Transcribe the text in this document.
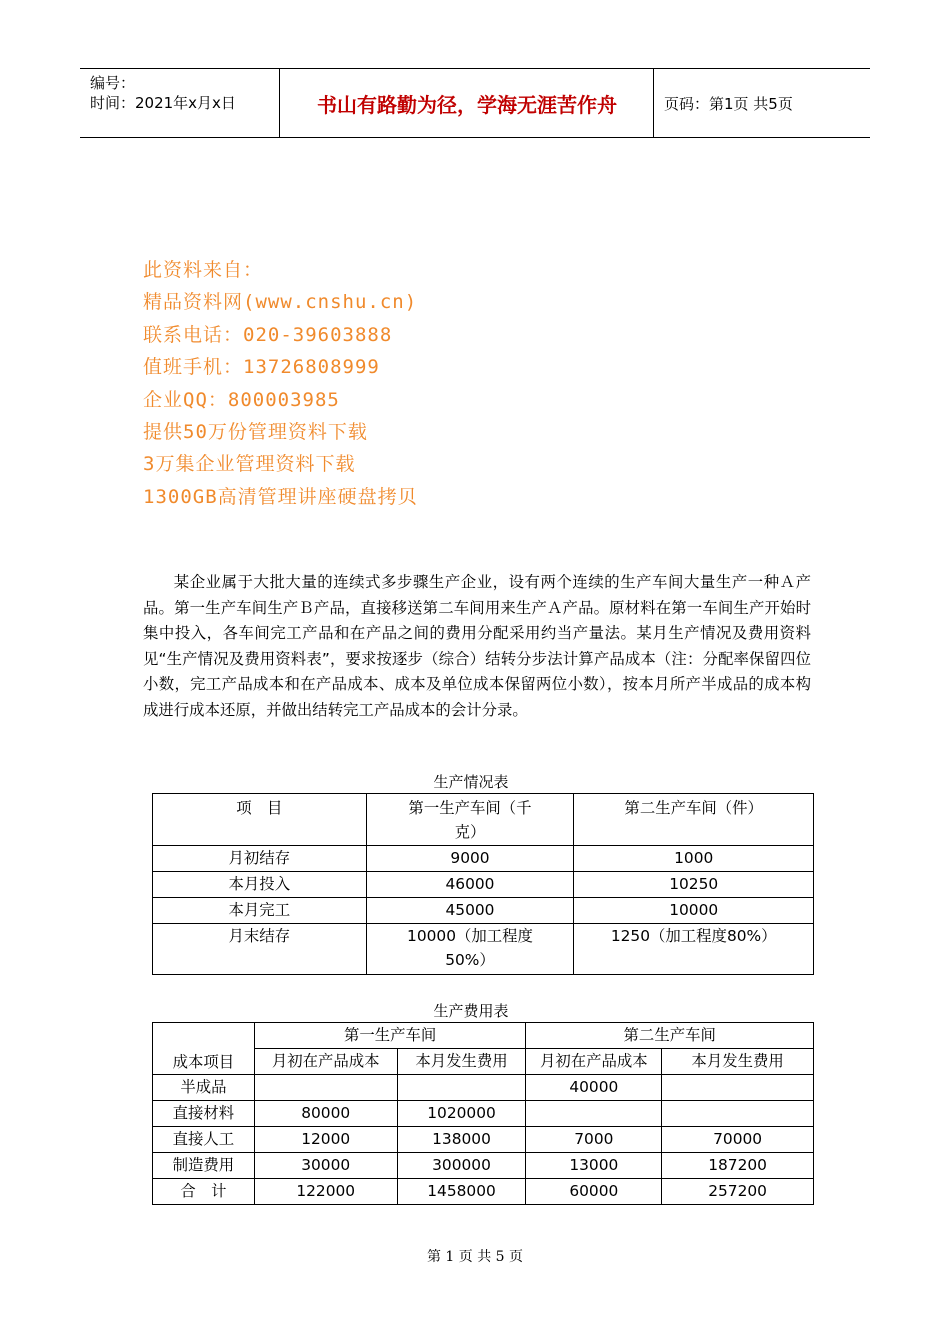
编号：
时间：2021年x月x日	书山有路勤为径，学海无涯苦作舟	页码：第1页 共5页
此资料来自：
精品资料网(www.cnshu.cn)
联系电话：020-39603888
值班手机：13726808999
企业QQ：800003985
提供50万份管理资料下载
3万集企业管理资料下载
1300GB高清管理讲座硬盘拷贝
某企业属于大批大量的连续式多步骤生产企业，设有两个连续的生产车间大量生产一种Ａ产品。第一生产车间生产Ｂ产品，直接移送第二车间用来生产Ａ产品。原材料在第一车间生产开始时集中投入，各车间完工产品和在产品之间的费用分配采用约当产量法。某月生产情况及费用资料见“生产情况及费用资料表”，要求按逐步（综合）结转分步法计算产品成本（注：分配率保留四位小数，完工产品成本和在产品成本、成本及单位成本保留两位小数），按本月所产半成品的成本构成进行成本还原，并做出结转完工产品成本的会计分录。
生产情况表
项　目	第一生产车间（千克）	第二生产车间（件）
月初结存	9000	1000
本月投入	46000	10250
本月完工	45000	10000
月末结存	10000（加工程度50%）	1250（加工程度80%）
生产费用表
成本项目	第一生产车间		第二生产车间	
	月初在产品成本	本月发生费用	月初在产品成本	本月发生费用
半成品			40000	
直接材料	80000	1020000		
直接人工	12000	138000	7000	70000
制造费用	30000	300000	13000	187200
合　计	122000	1458000	60000	257200
第 1 页 共 5 页
